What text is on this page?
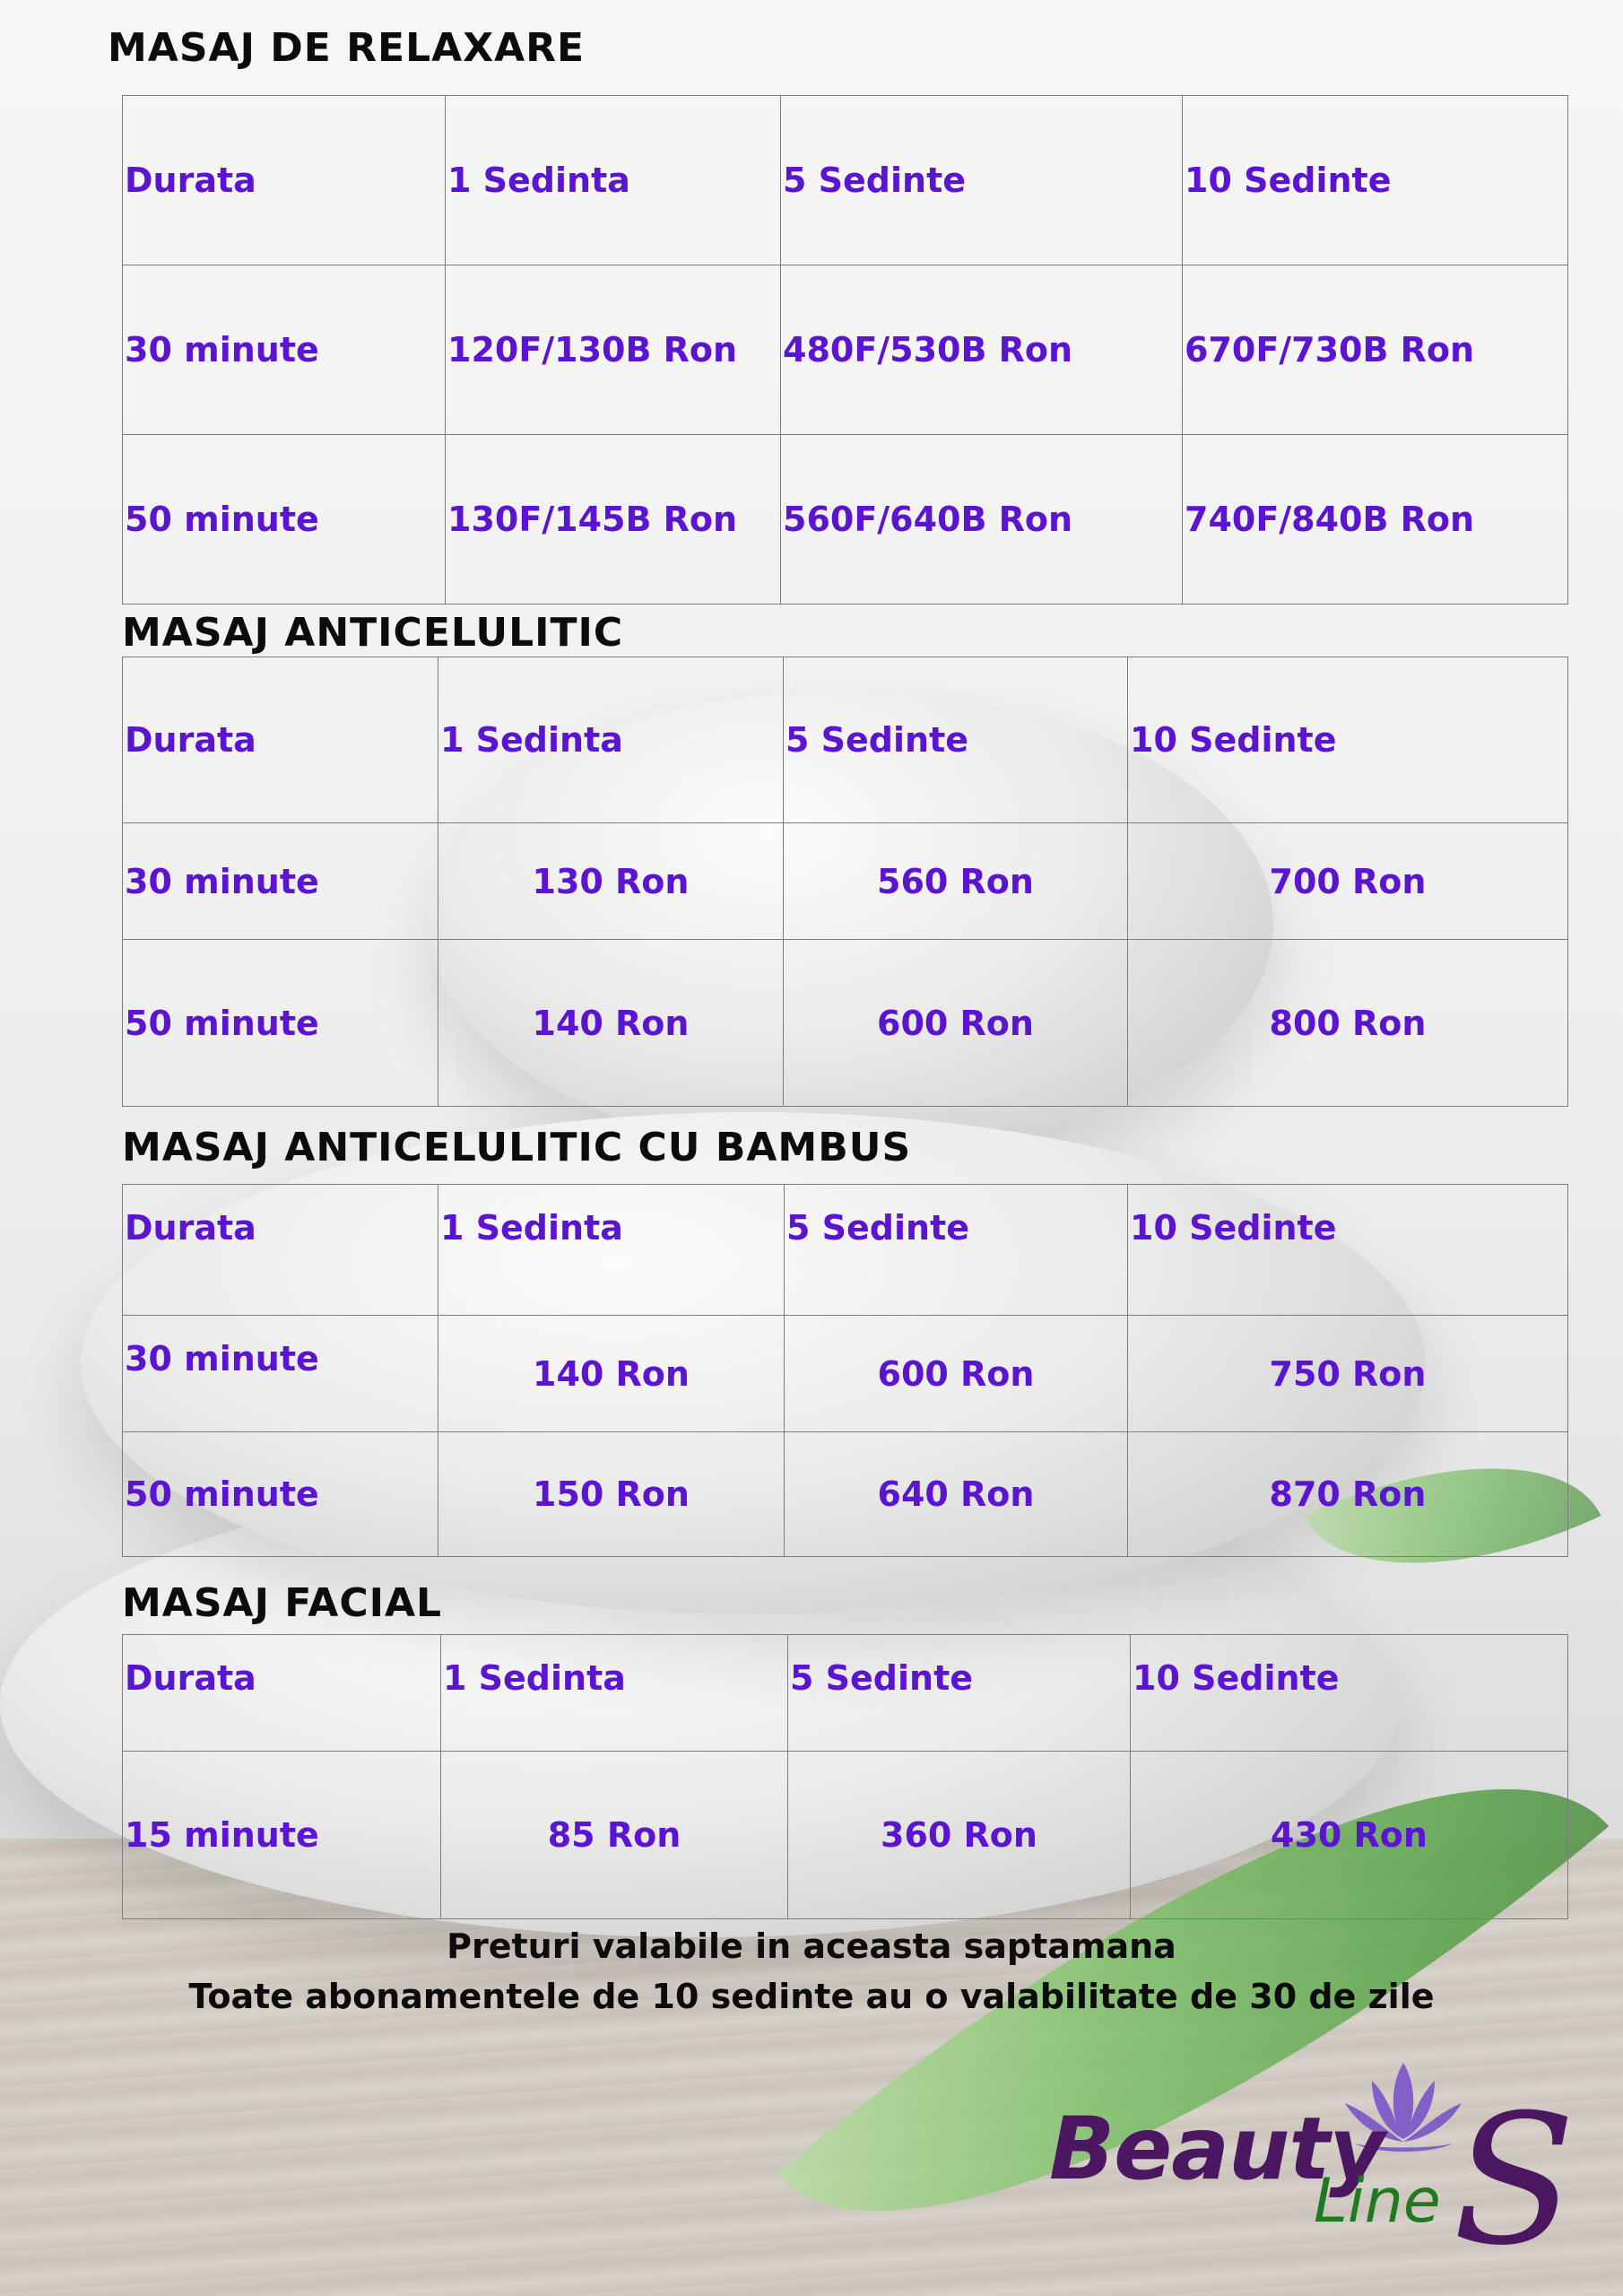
MASAJ DE RELAXARE
Durata	1 Sedinta	5 Sedinte	10 Sedinte
30 minute	120F/130B Ron	480F/530B Ron	670F/730B Ron
50 minute	130F/145B Ron	560F/640B Ron	740F/840B Ron
MASAJ ANTICELULITIC
Durata	1 Sedinta	5 Sedinte	10 Sedinte
30 minute	130 Ron	560 Ron	700 Ron
50 minute	140 Ron	600 Ron	800 Ron
MASAJ ANTICELULITIC CU BAMBUS
Durata	1 Sedinta	5 Sedinte	10 Sedinte
30 minute	140 Ron	600 Ron	750 Ron
50 minute	150 Ron	640 Ron	870 Ron
MASAJ FACIAL
Durata	1 Sedinta	5 Sedinte	10 Sedinte
15 minute	85 Ron	360 Ron	430 Ron

Preturi valabile in aceasta saptamana

Toate abonamentele de 10 sedinte au o valabilitate de 30 de zile

Beauty

Line S
